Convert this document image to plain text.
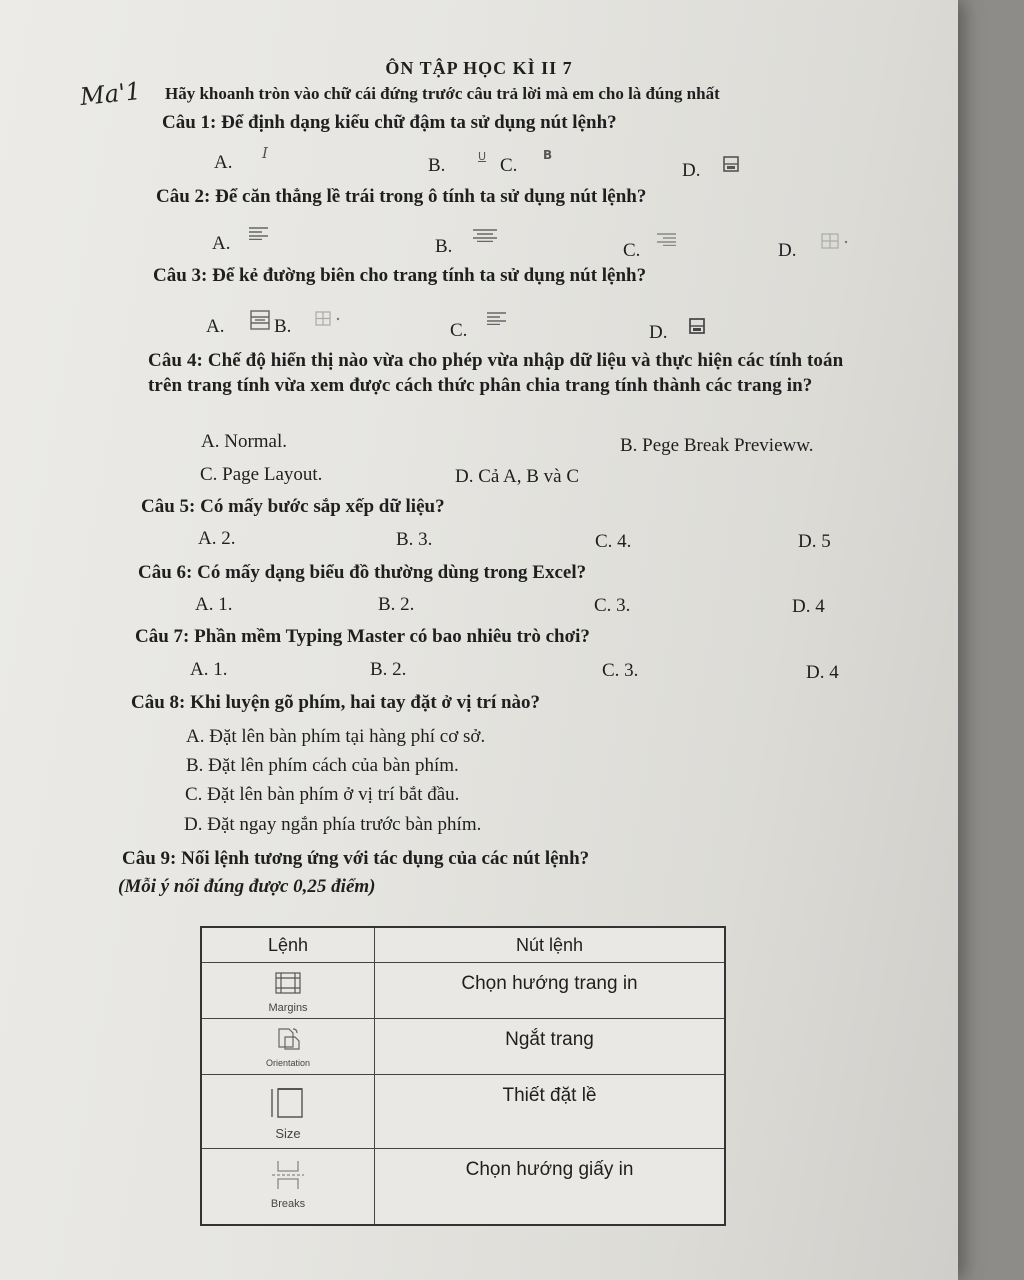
ÔN TẬP HỌC KÌ II 7
Ma'1 Hãy khoanh tròn vào chữ cái đứng trước câu trả lời mà em cho là đúng nhất
Câu 1: Để định dạng kiểu chữ đậm ta sử dụng nút lệnh?
A. I
B.	U C. B
D.
Câu 2: Để căn thẳng lề trái trong ô tính ta sử dụng nút lệnh?
A.	B.	C.	D.
Câu 3: Để kẻ đường biên cho trang tính ta sử dụng nút lệnh?
A.	B.	C.	D.
Câu 4: Chế độ hiển thị nào vừa cho phép vừa nhập dữ liệu và thực hiện các tính toán trên trang tính vừa xem được cách thức phân chia trang tính thành các trang in?
A. Normal.	B. Pege Break Previeww.
C. Page Layout.	D. Cả A, B và C
Câu 5: Có mấy bước sắp xếp dữ liệu?
A. 2.	B. 3.	C. 4.	D. 5
Câu 6: Có mấy dạng biểu đồ thường dùng trong Excel?
A. 1.	B. 2.	C. 3.	D. 4
Câu 7: Phần mềm Typing Master có bao nhiêu trò chơi?
A. 1.	B. 2.	C. 3.	D. 4
Câu 8: Khi luyện gõ phím, hai tay đặt ở vị trí nào?
A. Đặt lên bàn phím tại hàng phí cơ sở.
B. Đặt lên phím cách của bàn phím.
C. Đặt lên bàn phím ở vị trí bắt đầu.
D. Đặt ngay ngắn phía trước bàn phím.
Câu 9: Nối lệnh tương ứng với tác dụng của các nút lệnh?
(Mỗi ý nối đúng được 0,25 điểm)
Lệnh	Nút lệnh

Margins	Chọn hướng trang in

Orientation	Ngắt trang

Size	Thiết đặt lề

Breaks	Chọn hướng giấy in
